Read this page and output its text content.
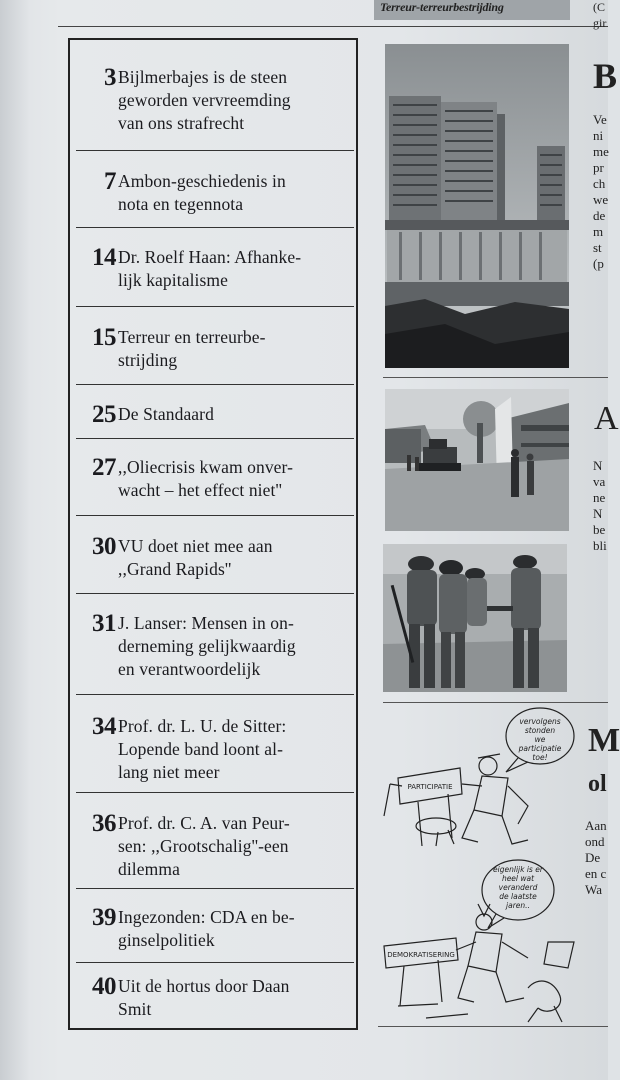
Terreur-terreurbestrijding	(C
gir
3 Bijlmerbajes is de steen
geworden vervreemding
van ons strafrecht
7 Ambon-geschiedenis in
nota en tegennota
14 Dr. Roelf Haan: Afhanke-
lijk kapitalisme
15 Terreur en terreurbe-
strijding
25 De Standaard
27 ,,Oliecrisis kwam onver-
wacht – het effect niet''
30 VU doet niet mee aan
,,Grand Rapids''
31 J. Lanser: Mensen in on-
derneming gelijkwaardig
en verantwoordelijk
34 Prof. dr. L. U. de Sitter:
Lopende band loont al-
lang niet meer
36 Prof. dr. C. A. van Peur-
sen: ,,Grootschalig''-een
dilemma
39 Ingezonden: CDA en be-
ginselpolitiek
40 Uit de hortus door Daan
Smit
B
Ve
ni
me
pr
ch
we
de
m
st
(p
A
N
va
ne
N
be
bli
M
ol
Aan
ond
De
en c
Wa
vervolgens
stonden
we
participatie
toe!
PARTICIPATIE
eigenlijk is er
heel wat
veranderd
de laatste
jaren..
DEMOKRATISERING
